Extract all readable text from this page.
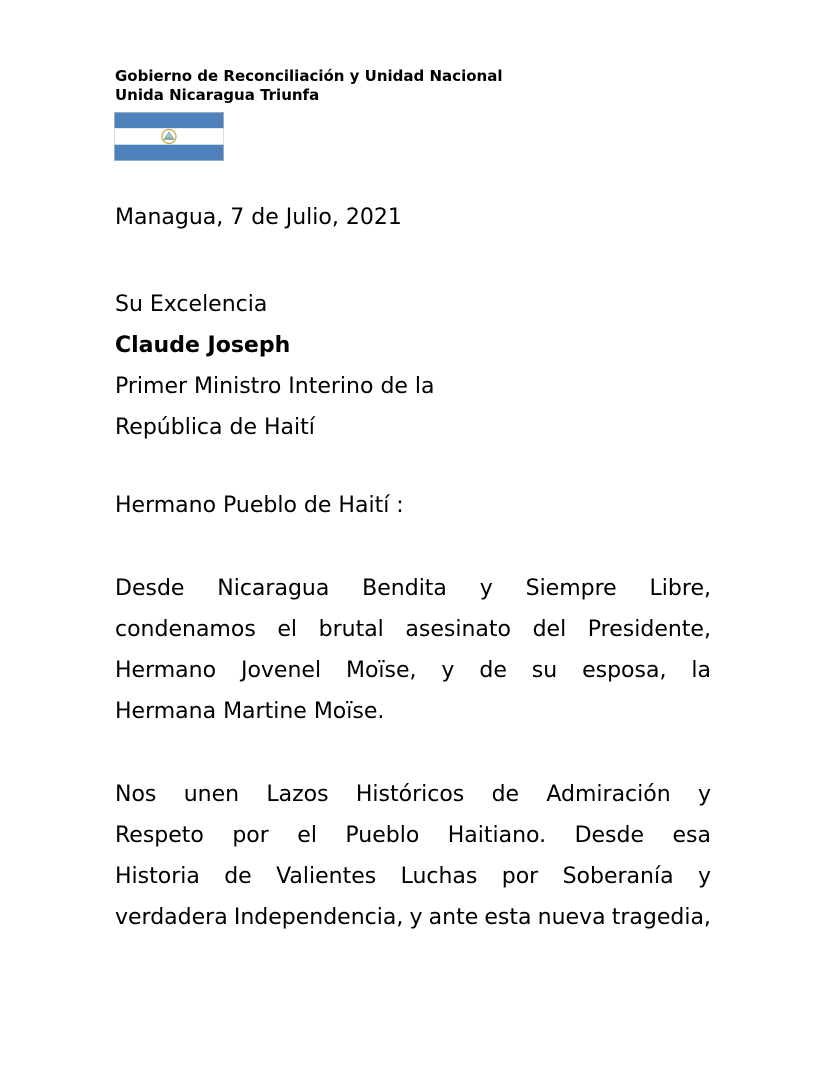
Gobierno de Reconciliación y Unidad Nacional
Unida Nicaragua Triunfa
Managua, 7 de Julio, 2021
Su Excelencia
Claude Joseph
Primer Ministro Interino de la
República de Haití
Hermano Pueblo de Haití :
Desde Nicaragua Bendita y Siempre Libre,
condenamos el brutal asesinato del Presidente,
Hermano Jovenel Moïse, y de su esposa, la
Hermana Martine Moïse.
Nos unen Lazos Históricos de Admiración y
Respeto por el Pueblo Haitiano. Desde esa
Historia de Valientes Luchas por Soberanía y
verdadera Independencia, y ante esta nueva tragedia,
